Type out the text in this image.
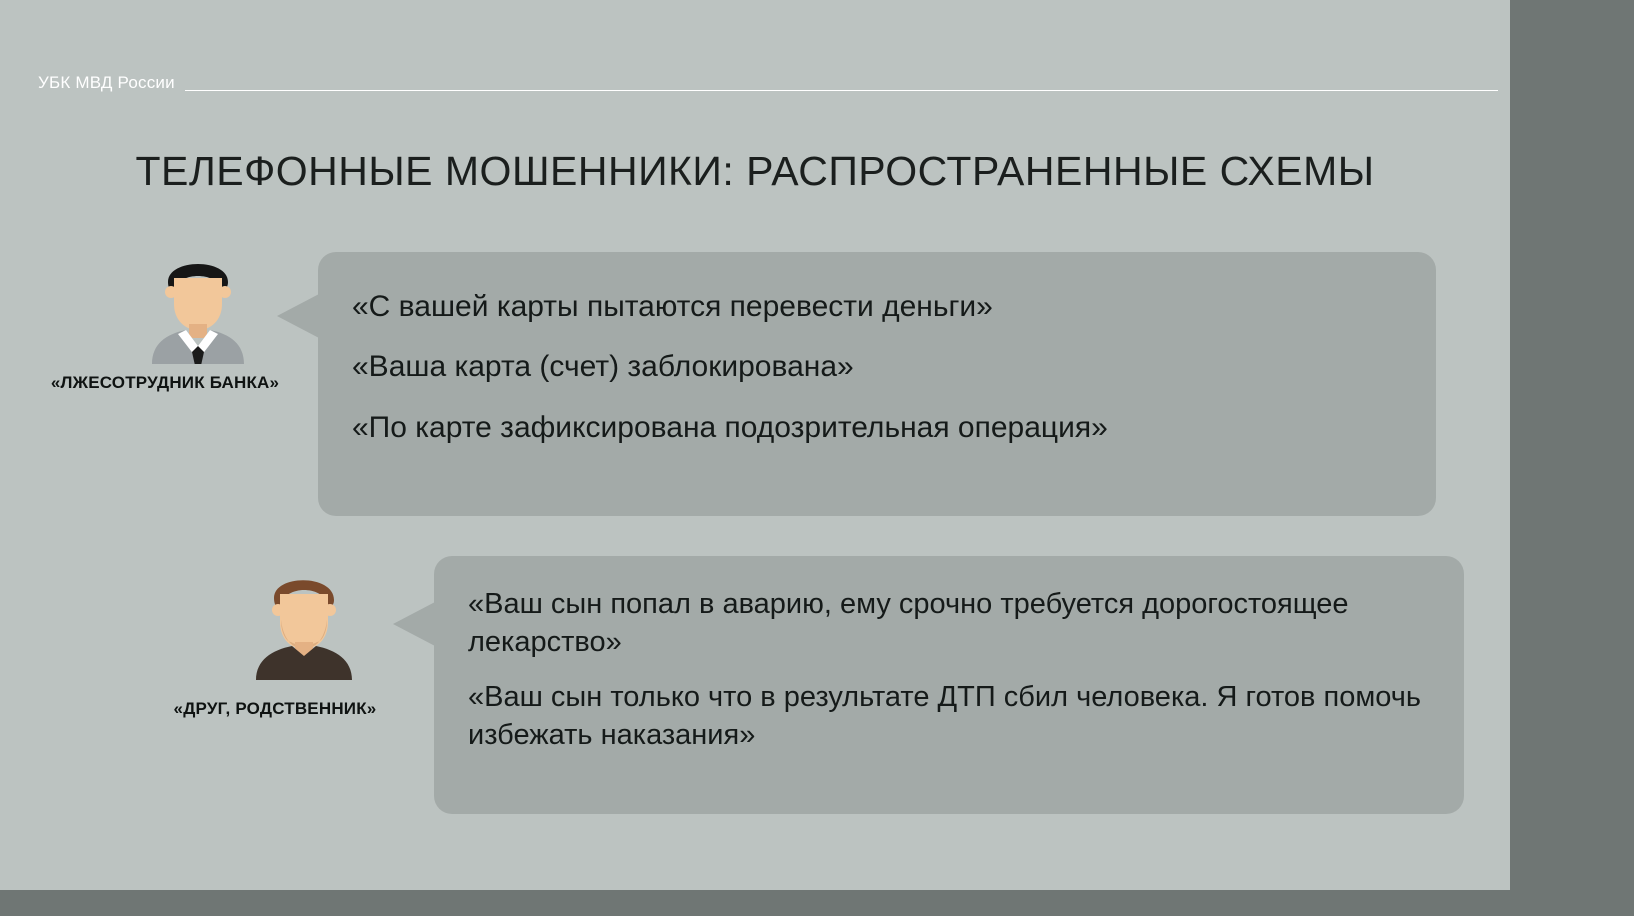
УБК МВД России
ТЕЛЕФОННЫЕ МОШЕННИКИ: РАСПРОСТРАНЕННЫЕ СХЕМЫ
«ЛЖЕСОТРУДНИК БАНКА»
«С вашей карты пытаются перевести деньги»
«Ваша карта (счет) заблокирована»
«По карте зафиксирована подозрительная операция»
«ДРУГ, РОДСТВЕННИК»
«Ваш сын попал в аварию, ему срочно требуется дорогостоящее лекарство»
«Ваш сын только что в результате ДТП сбил человека. Я готов помочь избежать наказания»
